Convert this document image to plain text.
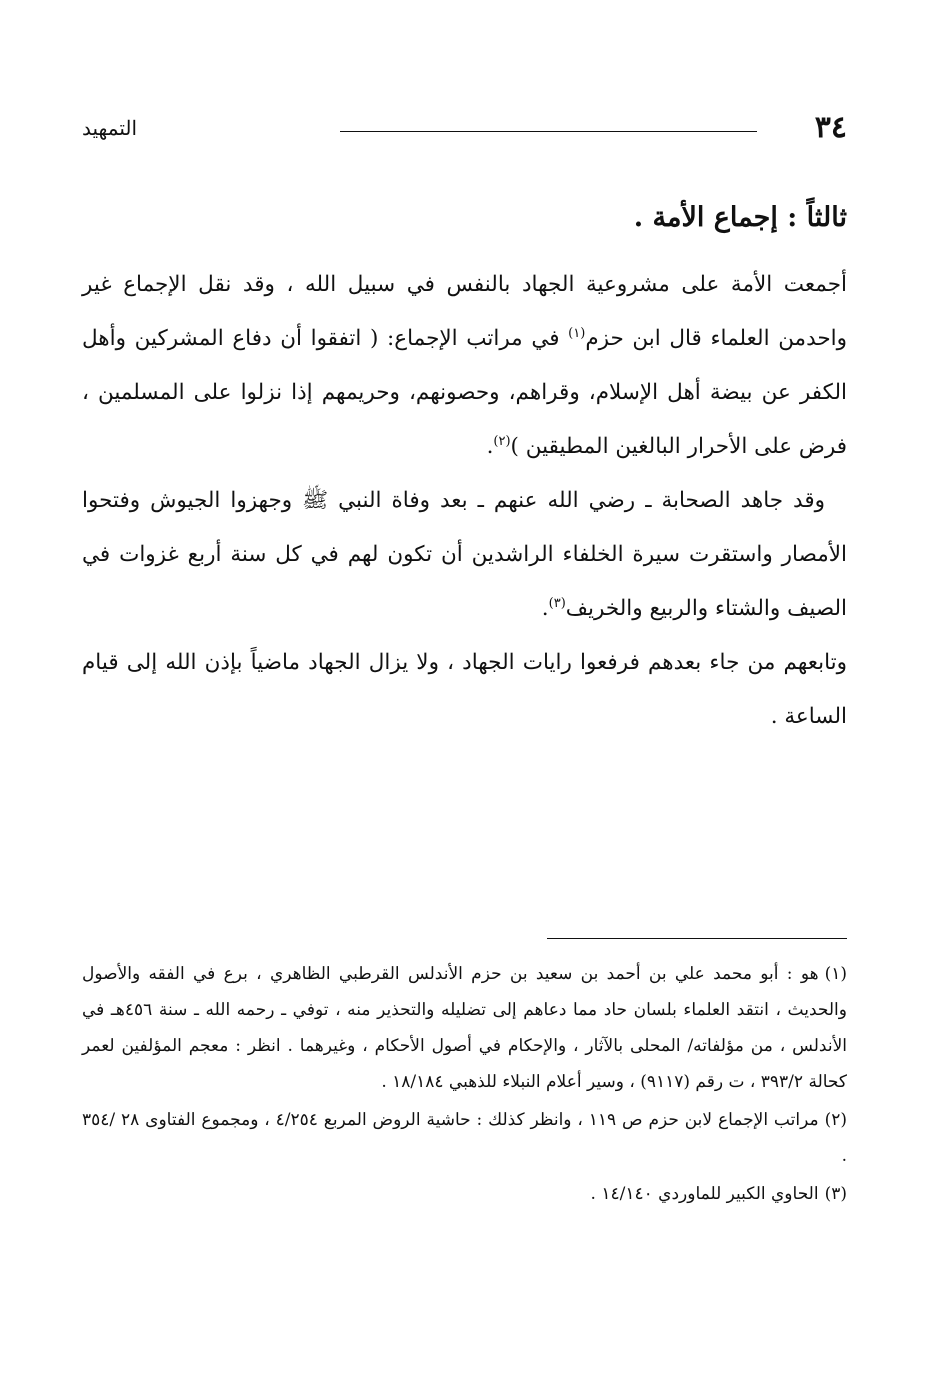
٣٤
التمهيد
ثالثاً : إجماع الأمة .

أجمعت الأمة على مشروعية الجهاد بالنفس في سبيل الله ، وقد نقل الإجماع غير واحدمن العلماء قال ابن حزم$^{(١)}$ في مراتب الإجماع: ( اتفقوا أن دفاع المشركين وأهل الكفر عن بيضة أهل الإسلام، وقراهم، وحصونهم، وحريمهم إذا نزلوا على المسلمين ، فرض على الأحرار البالغين المطيقين )$^{(٢)}$.

وقد جاهد الصحابة ـ رضي الله عنهم ـ بعد وفاة النبي ﷺ وجهزوا الجيوش وفتحوا الأمصار واستقرت سيرة الخلفاء الراشدين أن تكون لهم في كل سنة أربع غزوات في الصيف والشتاء والربيع والخريف$^{(٣)}$.

وتابعهم من جاء بعدهم فرفعوا رايات الجهاد ، ولا يزال الجهاد ماضياً بإذن الله إلى قيام الساعة .

(١)هو : أبو محمد علي بن أحمد بن سعيد بن حزم الأندلس القرطبي الظاهري ، برع في الفقه والأصول والحديث ، انتقد العلماء بلسان حاد مما دعاهم إلى تضليله والتحذير منه ، توفي ـ رحمه الله ـ سنة ٤٥٦هـ في الأندلس ، من مؤلفاته/ المحلى بالآثار ، والإحكام في أصول الأحكام ، وغيرهما . انظر : معجم المؤلفين لعمر كحالة ٣٩٣/٢ ، ت رقم (٩١١٧) ، وسير أعلام النبلاء للذهبي ١٨/١٨٤ .

(٢)مراتب الإجماع لابن حزم ص ١١٩ ، وانظر كذلك : حاشية الروض المربع ٤/٢٥٤ ، ومجموع الفتاوى ٢٨ /٣٥٤ .

(٣)الحاوي الكبير للماوردي ١٤/١٤٠ .
